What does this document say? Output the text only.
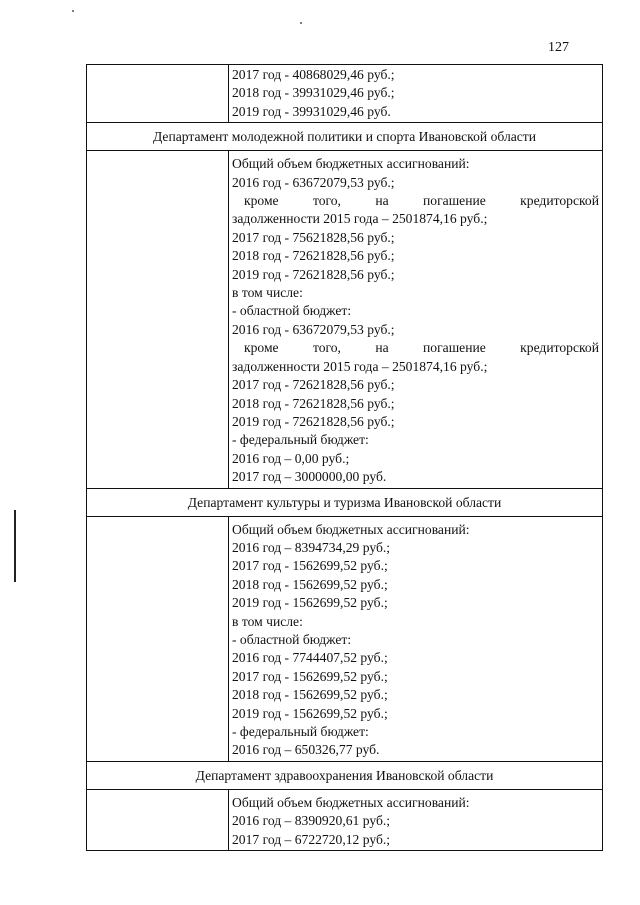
127
2017 год - 40868029,46 руб.;
2018 год - 39931029,46 руб.;
2019 год - 39931029,46 руб.
Департамент молодежной политики и спорта Ивановской области
Общий объем бюджетных ассигнований:
2016 год - 63672079,53 руб.;
кроме того, на погашение кредиторской
задолженности 2015 года – 2501874,16 руб.;
2017 год - 75621828,56 руб.;
2018 год - 72621828,56 руб.;
2019 год - 72621828,56 руб.;
в том числе:
- областной бюджет:
2016 год - 63672079,53 руб.;
кроме того, на погашение кредиторской
задолженности 2015 года – 2501874,16 руб.;
2017 год - 72621828,56 руб.;
2018 год - 72621828,56 руб.;
2019 год - 72621828,56 руб.;
- федеральный бюджет:
2016 год – 0,00 руб.;
2017 год – 3000000,00 руб.
Департамент культуры и туризма Ивановской области
Общий объем бюджетных ассигнований:
2016 год – 8394734,29 руб.;
2017 год - 1562699,52 руб.;
2018 год - 1562699,52 руб.;
2019 год - 1562699,52 руб.;
в том числе:
- областной бюджет:
2016 год - 7744407,52 руб.;
2017 год - 1562699,52 руб.;
2018 год - 1562699,52 руб.;
2019 год - 1562699,52 руб.;
- федеральный бюджет:
2016 год – 650326,77 руб.
Департамент здравоохранения Ивановской области
Общий объем бюджетных ассигнований:
2016 год – 8390920,61 руб.;
2017 год – 6722720,12 руб.;
